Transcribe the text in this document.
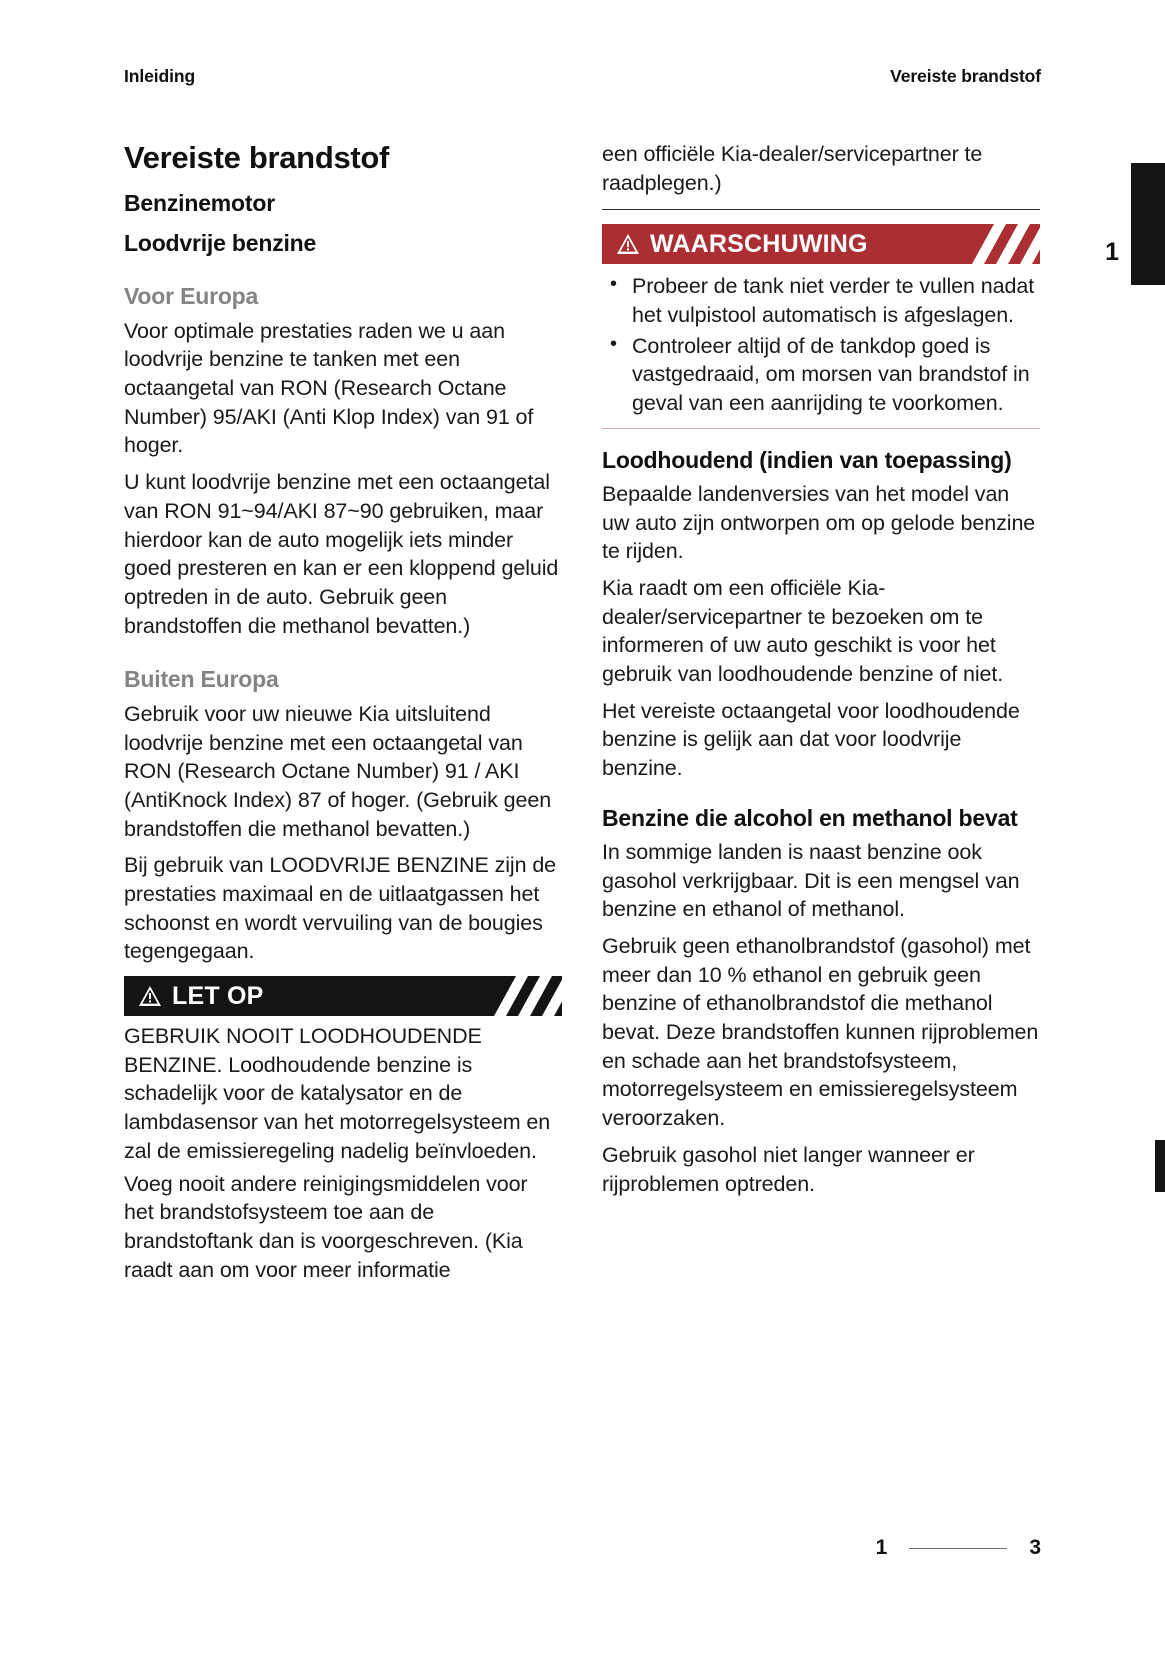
Inleiding	Vereiste brandstof
1
Vereiste brandstof
Benzinemotor
Loodvrije benzine
Voor Europa

Voor optimale prestaties raden we u aan loodvrije benzine te tanken met een octaangetal van RON (Research Octane Number) 95/AKI (Anti Klop Index) van 91 of hoger.

U kunt loodvrije benzine met een octaangetal van RON 91~94/AKI 87~90 gebruiken, maar hierdoor kan de auto mogelijk iets minder goed presteren en kan er een kloppend geluid optreden in de auto. Gebruik geen brandstoffen die methanol bevatten.)

Buiten Europa

Gebruik voor uw nieuwe Kia uitsluitend loodvrije benzine met een octaangetal van RON (Research Octane Number) 91 / AKI (AntiKnock Index) 87 of hoger. (Gebruik geen brandstoffen die methanol bevatten.)

Bij gebruik van LOODVRIJE BENZINE zijn de prestaties maximaal en de uitlaatgassen het schoonst en wordt vervuiling van de bougies tegengegaan.

LET OP

GEBRUIK NOOIT LOODHOUDENDE BENZINE. Loodhoudende benzine is schadelijk voor de katalysator en de lambdasensor van het motorregelsysteem en zal de emissieregeling nadelig beïnvloeden.

Voeg nooit andere reinigingsmiddelen voor het brandstofsysteem toe aan de brandstoftank dan is voorgeschreven. (Kia raadt aan om voor meer informatie

een officiële Kia-dealer/servicepartner te raadplegen.)

WAARSCHUWING
• Probeer de tank niet verder te vullen nadat het vulpistool automatisch is afgeslagen.
• Controleer altijd of de tankdop goed is vastgedraaid, om morsen van brandstof in geval van een aanrijding te voorkomen.
Loodhoudend (indien van toepassing)

Bepaalde landenversies van het model van uw auto zijn ontworpen om op gelode benzine te rijden.

Kia raadt om een officiële Kia-dealer/servicepartner te bezoeken om te informeren of uw auto geschikt is voor het gebruik van loodhoudende benzine of niet.

Het vereiste octaangetal voor loodhoudende benzine is gelijk aan dat voor loodvrije benzine.

Benzine die alcohol en methanol bevat

In sommige landen is naast benzine ook gasohol verkrijgbaar. Dit is een mengsel van benzine en ethanol of methanol.

Gebruik geen ethanolbrandstof (gasohol) met meer dan 10 % ethanol en gebruik geen benzine of ethanolbrandstof die methanol bevat. Deze brandstoffen kunnen rijproblemen en schade aan het brandstofsysteem, motorregelsysteem en emissieregelsysteem veroorzaken.

Gebruik gasohol niet langer wanneer er rijproblemen optreden.

1	3
